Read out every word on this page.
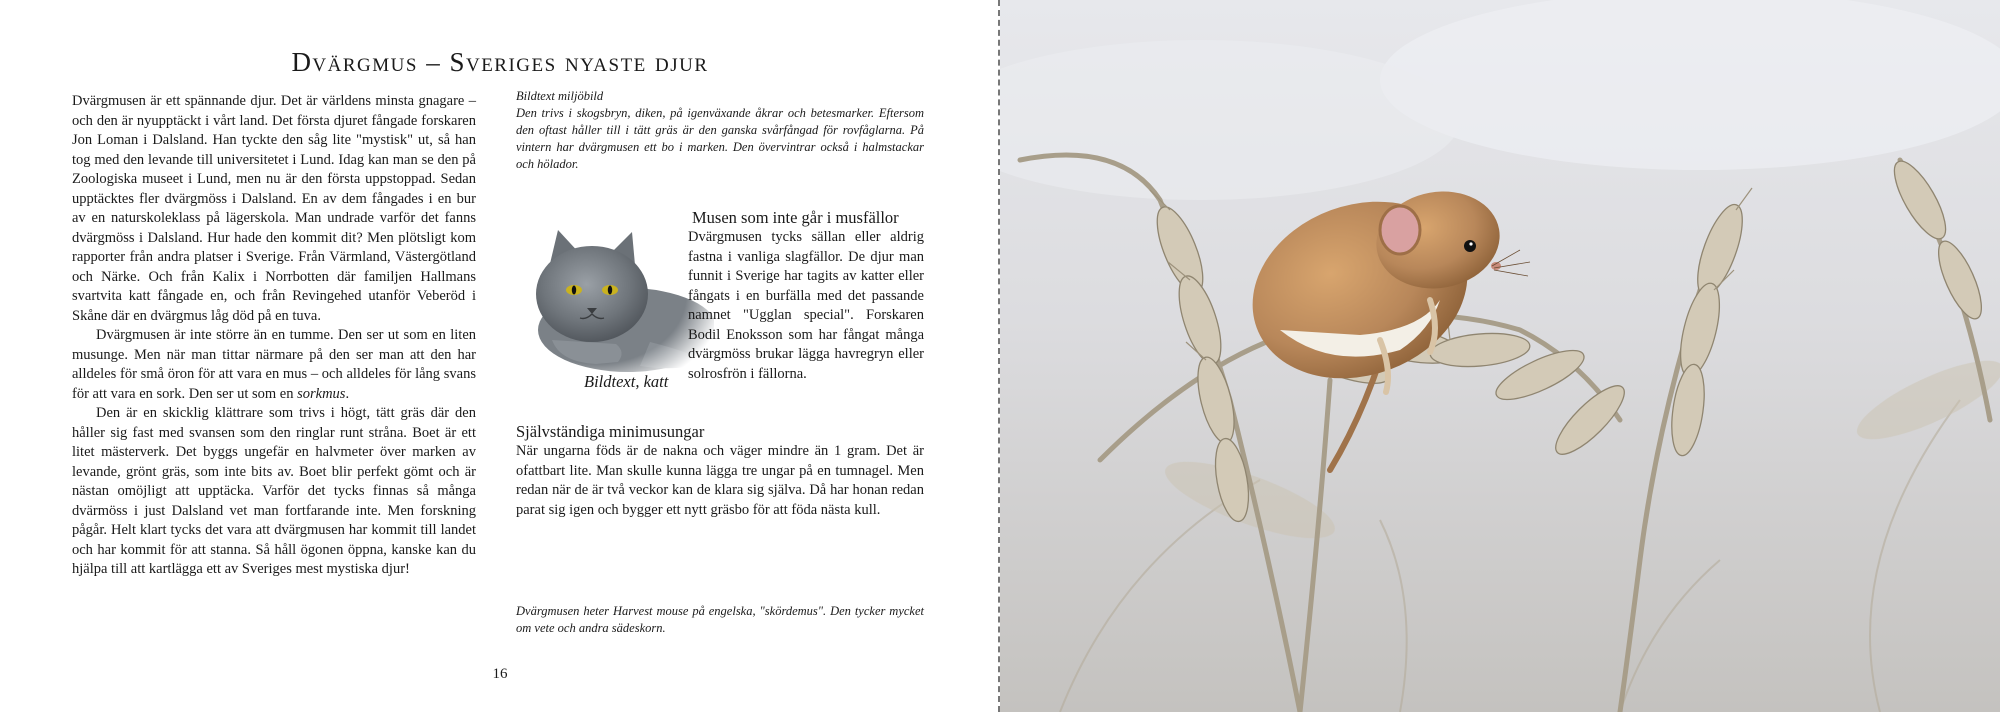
Dvärgmus – Sveriges nyaste djur

Dvärgmusen är ett spännande djur. Det är världens minsta gnagare – och den är nyupptäckt i vårt land. Det första djuret fångade forskaren Jon Loman i Dalsland. Han tyckte den såg lite "mystisk" ut, så han tog med den levande till universitetet i Lund. Idag kan man se den på Zoologiska museet i Lund, men nu är den första uppstoppad. Sedan upptäcktes fler dvärgmöss i Dalsland. En av dem fångades i en bur av en naturskoleklass på lägerskola. Man undrade varför det fanns dvärgmöss i Dalsland. Hur hade den kommit dit? Men plötsligt kom rapporter från andra platser i Sverige. Från Värmland, Västergötland och Närke. Och från Kalix i Norrbotten där familjen Hallmans svartvita katt fångade en, och från Revingehed utanför Veberöd i Skåne där en dvärgmus låg död på en tuva.

Dvärgmusen är inte större än en tumme. Den ser ut som en liten musunge. Men när man tittar närmare på den ser man att den har alldeles för små öron för att vara en mus – och alldeles för lång svans för att vara en sork. Den ser ut som en sorkmus.

Den är en skicklig klättrare som trivs i högt, tätt gräs där den håller sig fast med svansen som den ringlar runt stråna. Boet är ett litet mästerverk. Det byggs ungefär en halvmeter över marken av levande, grönt gräs, som inte bits av. Boet blir perfekt gömt och är nästan omöjligt att upptäcka. Varför det tycks finnas så många dvärmöss i just Dalsland vet man fortfarande inte. Men forskning pågår. Helt klart tycks det vara att dvärgmusen har kommit till landet och har kommit för att stanna. Så håll ögonen öppna, kanske kan du hjälpa till att kartlägga ett av Sveriges mest mystiska djur!

Bildtext miljöbild

Den trivs i skogsbryn, diken, på igenväxande åkrar och betesmarker. Eftersom den oftast håller till i tätt gräs är den ganska svårfångad för rovfåglarna. På vintern har dvärgmusen ett bo i marken. Den övervintrar också i halmstackar och hölador.

Bildtext, katt
Musen som inte går i musfällor

Dvärgmusen tycks sällan eller aldrig fastna i vanliga slagfällor. De djur man funnit i Sverige har tagits av katter eller fångats i en burfälla med det passande namnet "Ugglan special". Forskaren Bodil Enoksson som har fångat många dvärgmöss brukar lägga havregryn eller solrosfrön i fällorna.

Självständiga minimusungar

När ungarna föds är de nakna och väger mindre än 1 gram. Det är ofattbart lite. Man skulle kunna lägga tre ungar på en tumnagel. Men redan när de är två veckor kan de klara sig själva. Då har honan redan parat sig igen och bygger ett nytt gräsbo för att föda nästa kull.

Dvärgmusen heter Harvest mouse på engelska, "skördemus". Den tycker mycket om vete och andra sädeskorn.

16
